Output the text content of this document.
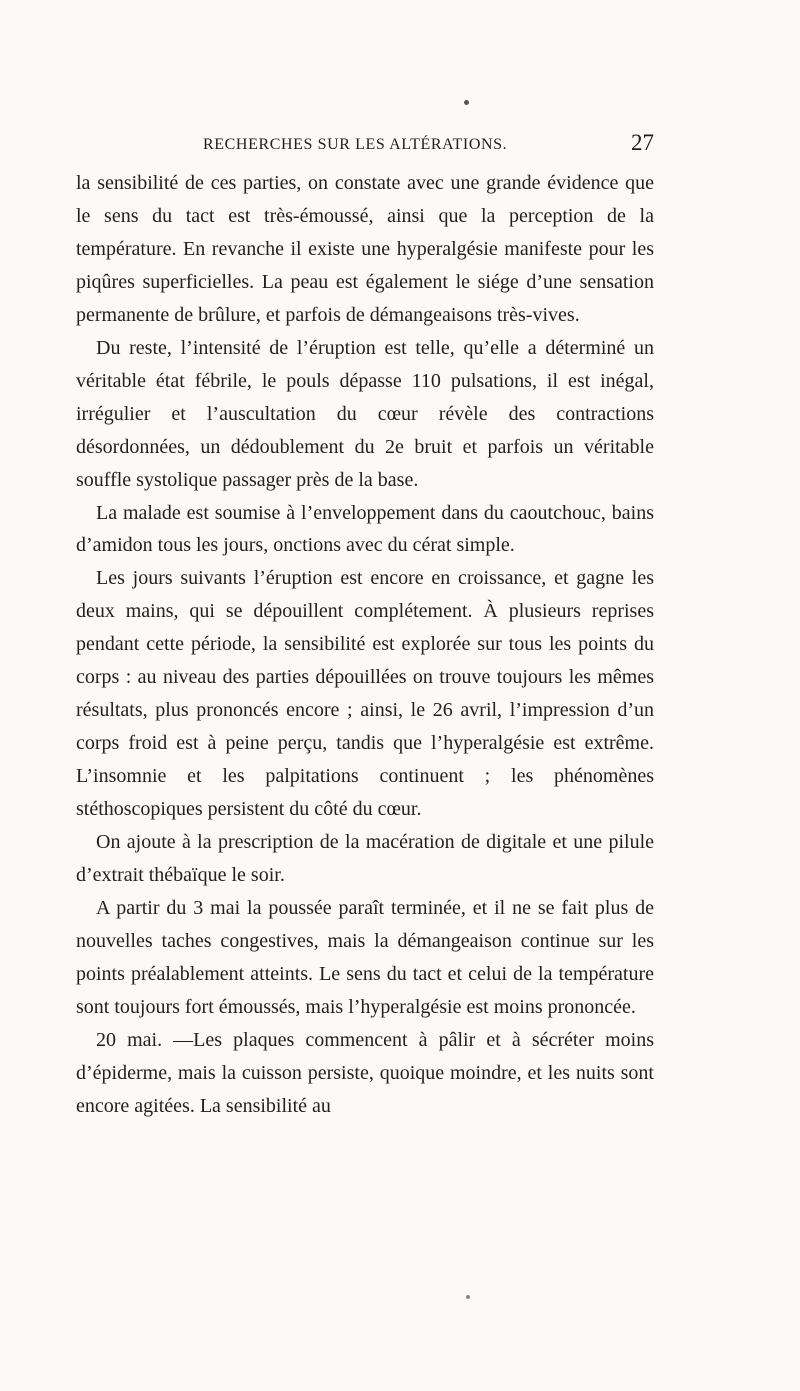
RECHERCHES SUR LES ALTÉRATIONS.	27

la sensibilité de ces parties, on constate avec une grande évidence que le sens du tact est très-émoussé, ainsi que la perception de la température. En revanche il existe une hyperalgésie manifeste pour les piqûres superficielles. La peau est également le siége d’une sensation permanente de brûlure, et parfois de démangeaisons très-vives.

Du reste, l’intensité de l’éruption est telle, qu’elle a déterminé un véritable état fébrile, le pouls dépasse 110 pulsations, il est inégal, irrégulier et l’auscultation du cœur révèle des contractions désordonnées, un dédoublement du 2e bruit et parfois un véritable souffle systolique passager près de la base.

La malade est soumise à l’enveloppement dans du caoutchouc, bains d’amidon tous les jours, onctions avec du cérat simple.

Les jours suivants l’éruption est encore en croissance, et gagne les deux mains, qui se dépouillent complétement. À plusieurs reprises pendant cette période, la sensibilité est explorée sur tous les points du corps : au niveau des parties dépouillées on trouve toujours les mêmes résultats, plus prononcés encore ; ainsi, le 26 avril, l’impression d’un corps froid est à peine perçu, tandis que l’hyperalgésie est extrême. L’insomnie et les palpitations continuent ; les phénomènes stéthoscopiques persistent du côté du cœur.

On ajoute à la prescription de la macération de digitale et une pilule d’extrait thébaïque le soir.

A partir du 3 mai la poussée paraît terminée, et il ne se fait plus de nouvelles taches congestives, mais la démangeaison continue sur les points préalablement atteints. Le sens du tact et celui de la température sont toujours fort émoussés, mais l’hyperalgésie est moins prononcée.

20 mai. —Les plaques commencent à pâlir et à sécréter moins d’épiderme, mais la cuisson persiste, quoique moindre, et les nuits sont encore agitées. La sensibilité au
